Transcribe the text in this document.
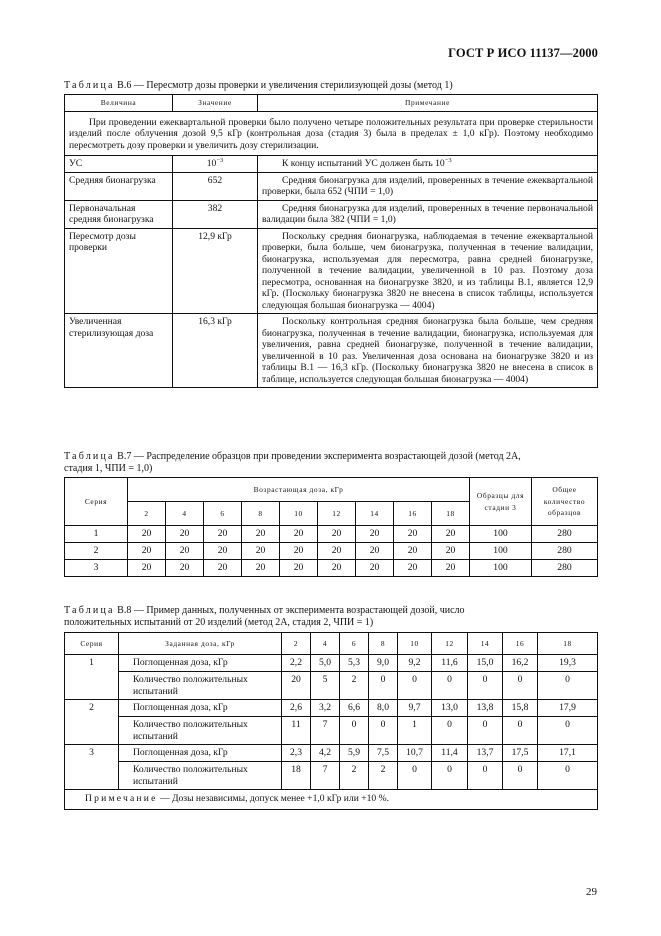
ГОСТ Р ИСО 11137—2000
Таблица В.6 — Пересмотр дозы проверки и увеличения стерилизующей дозы (метод 1)
Величина	Значение	Примечание
При проведении ежеквартальной проверки было получено четыре положительных результата при проверке стерильности изделий после облучения дозой 9,5 кГр (контрольная доза (стадия 3) была в пределах ± 1,0 кГр). Поэтому необходимо пересмотреть дозу проверки и увеличить дозу стерилизации.		
УС	$10^{-3}$	К концу испытаний УС должен быть $10^{-3}$
Средняя бионагрузка	652	Средняя бионагрузка для изделий, проверенных в течение ежеквартальной проверки, была 652 (ЧПИ = 1,0)
Первоначальная средняя бионагрузка	382	Средняя бионагрузка для изделий, проверенных в течение первоначальной валидации была 382 (ЧПИ = 1,0)
Пересмотр дозы проверки	12,9 кГр	Поскольку средняя бионагрузка, наблюдаемая в течение ежеквартальной проверки, была больше, чем бионагрузка, полученная в течение валидации, бионагрузка, используемая для пересмотра, равна средней бионагрузке, полученной в течение валидации, увеличенной в 10 раз. Поэтому доза пересмотра, основанная на бионагрузке 3820, и из таблицы В.1, является 12,9 кГр. (Поскольку бионагрузка 3820 не внесена в список таблицы, используется следующая большая бионагрузка — 4004)
Увеличенная стерилизующая доза	16,3 кГр	Поскольку контрольная средняя бионагрузка была больше, чем средняя бионагрузка, полученная в течение валидации, бионагрузка, используемая для увеличения, равна средней бионагрузке, полученной в течение валидации, увеличенной в 10 раз. Увеличенная доза основана на бионагрузке 3820 и из таблицы В.1 — 16,3 кГр. (Поскольку бионагрузка 3820 не внесена в список в таблице, используется следующая большая бионагрузка — 4004)
Таблица В.7 — Распределение образцов при проведении эксперимента возрастающей дозой (метод 2А,
стадия 1, ЧПИ = 1,0)
Серия	Возрастающая доза, кГр									Образцы для стадии 3	Общее количество образцов
	2	4	6	8	10	12	14	16	18		
1	20	20	20	20	20	20	20	20	20	100	280
2	20	20	20	20	20	20	20	20	20	100	280
3	20	20	20	20	20	20	20	20	20	100	280
Таблица В.8 — Пример данных, полученных от эксперимента возрастающей дозой, число
положительных испытаний от 20 изделий (метод 2А, стадия 2, ЧПИ = 1)
Серия	Заданная доза, кГр	2	4	6	8	10	12	14	16	18
1	Поглощенная доза, кГр	2,2	5,0	5,3	9,0	9,2	11,6	15,0	16,2	19,3
	Количество положительных испытаний	20	5	2	0	0	0	0	0	0
2	Поглощенная доза, кГр	2,6	3,2	6,6	8,0	9,7	13,0	13,8	15,8	17,9
	Количество положительных испытаний	11	7	0	0	1	0	0	0	0
3	Поглощенная доза, кГр	2,3	4,2	5,9	7,5	10,7	11,4	13,7	17,5	17,1
	Количество положительных испытаний	18	7	2	2	0	0	0	0	0
Примечание — Дозы независимы, допуск менее +1,0 кГр или +10 %.										
29
